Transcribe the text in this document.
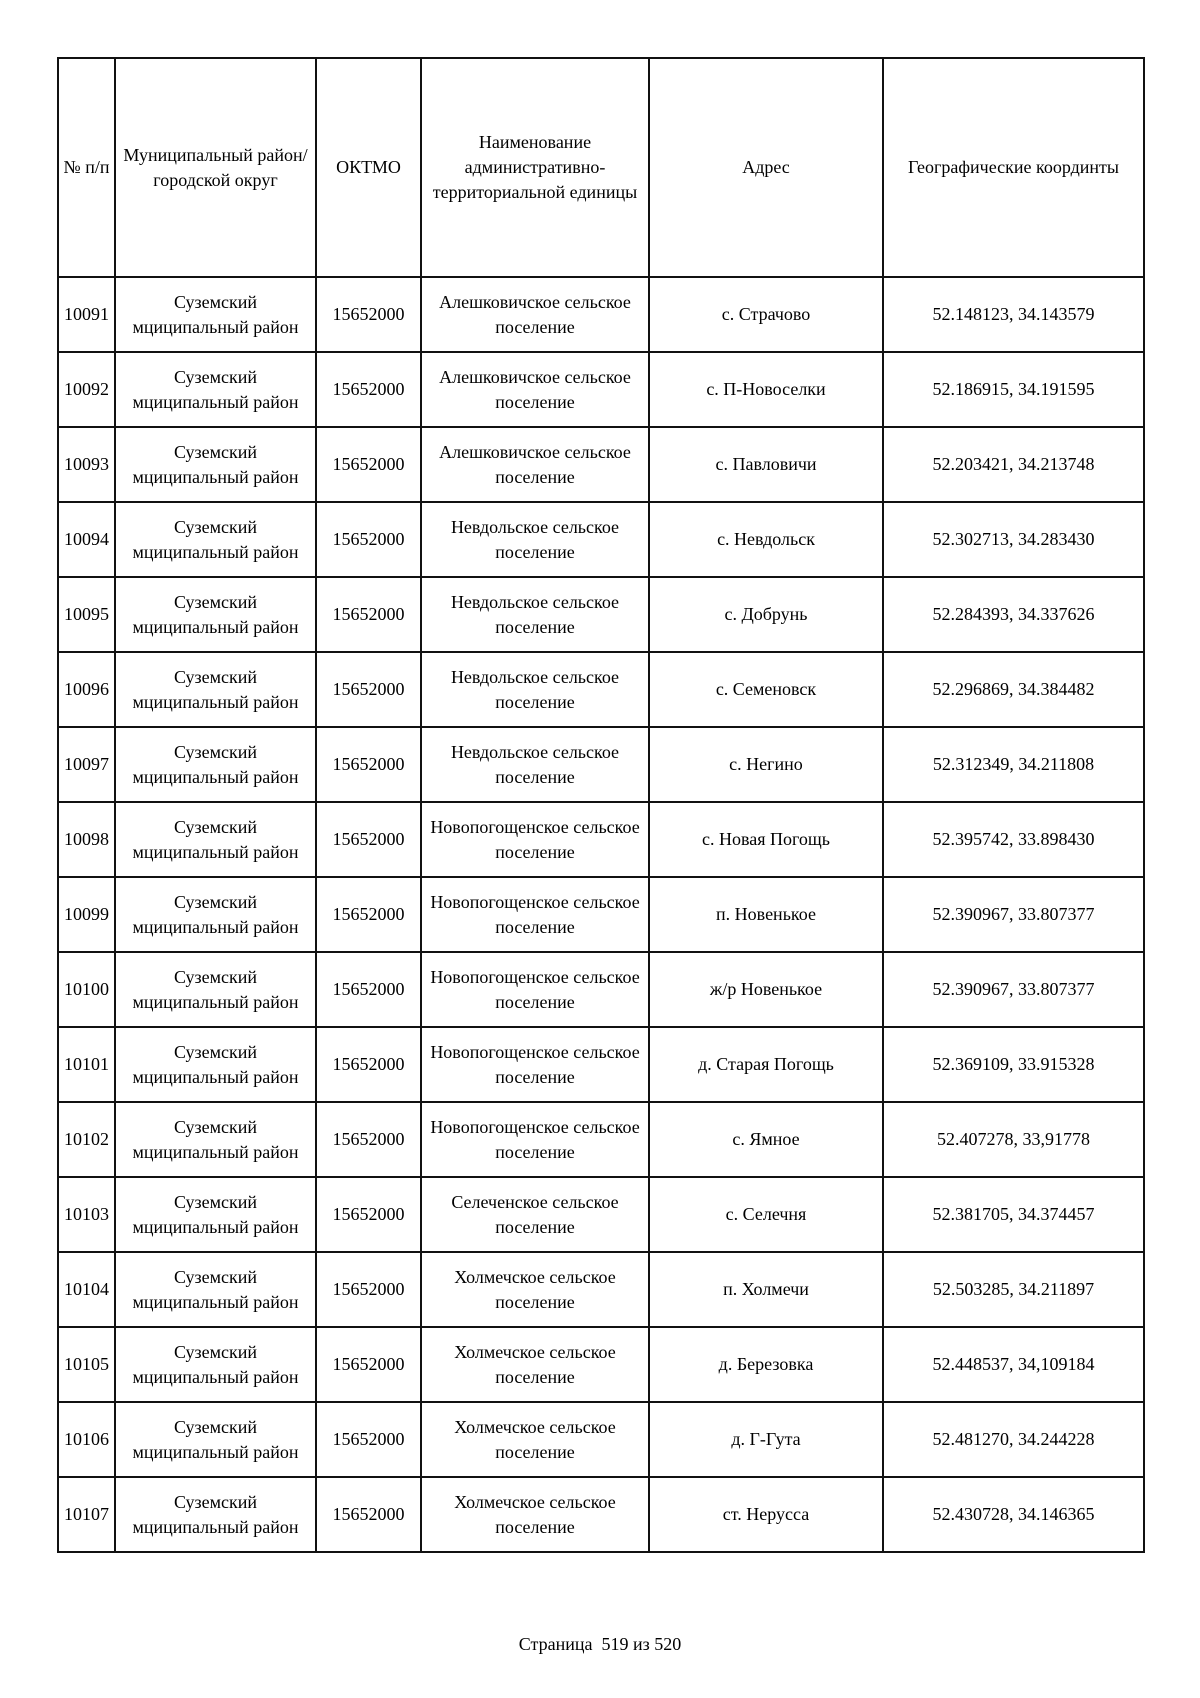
№ п/п	Муниципальный район/городской округ	ОКТМО	Наименование административно-территориальной единицы	Адрес	Географические координты
10091	Суземский мциципальный район	15652000	Алешковичское сельское поселение	с. Страчово	52.148123, 34.143579
10092	Суземский мциципальный район	15652000	Алешковичское сельское поселение	с. П-Новоселки	52.186915, 34.191595
10093	Суземский мциципальный район	15652000	Алешковичское сельское поселение	с. Павловичи	52.203421, 34.213748
10094	Суземский мциципальный район	15652000	Невдольское сельское поселение	с. Невдольск	52.302713, 34.283430
10095	Суземский мциципальный район	15652000	Невдольское сельское поселение	с. Добрунь	52.284393, 34.337626
10096	Суземский мциципальный район	15652000	Невдольское сельское поселение	с. Семеновск	52.296869, 34.384482
10097	Суземский мциципальный район	15652000	Невдольское сельское поселение	с. Негино	52.312349, 34.211808
10098	Суземский мциципальный район	15652000	Новопогощенское сельское поселение	с. Новая Погощь	52.395742, 33.898430
10099	Суземский мциципальный район	15652000	Новопогощенское сельское поселение	п. Новенькое	52.390967, 33.807377
10100	Суземский мциципальный район	15652000	Новопогощенское сельское поселение	ж/р Новенькое	52.390967, 33.807377
10101	Суземский мциципальный район	15652000	Новопогощенское сельское поселение	д. Старая Погощь	52.369109, 33.915328
10102	Суземский мциципальный район	15652000	Новопогощенское сельское поселение	с. Ямное	52.407278, 33,91778
10103	Суземский мциципальный район	15652000	Селеченское сельское поселение	с. Селечня	52.381705, 34.374457
10104	Суземский мциципальный район	15652000	Холмечское сельское поселение	п. Холмечи	52.503285, 34.211897
10105	Суземский мциципальный район	15652000	Холмечское сельское поселение	д. Березовка	52.448537, 34,109184
10106	Суземский мциципальный район	15652000	Холмечское сельское поселение	д. Г-Гута	52.481270, 34.244228
10107	Суземский мциципальный район	15652000	Холмечское сельское поселение	ст. Нерусса	52.430728, 34.146365
Страница  519 из 520
